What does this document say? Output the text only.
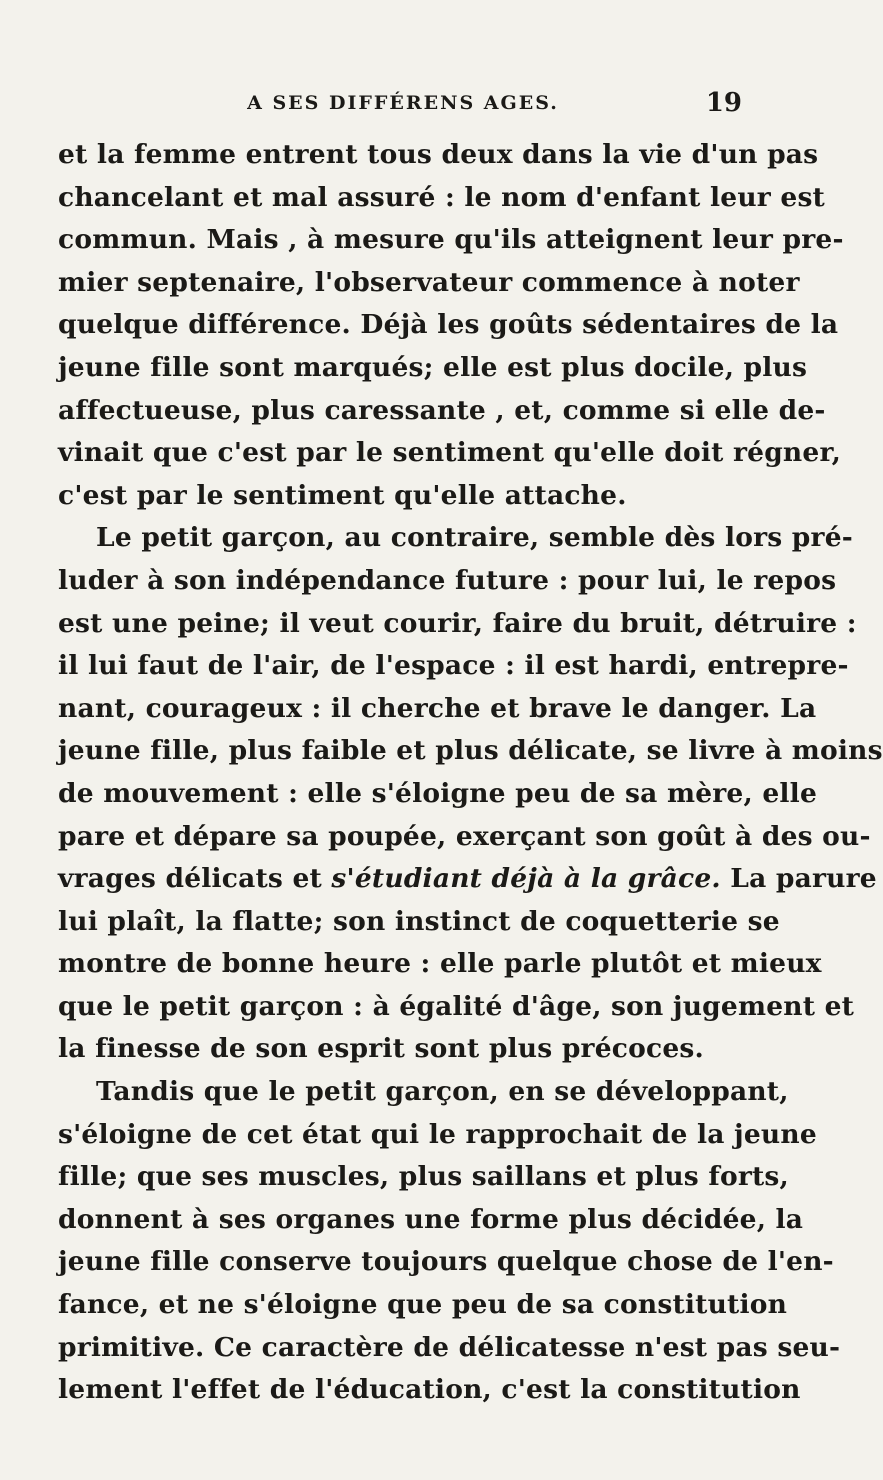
A SES DIFFÉRENS AGES.	19
et la femme entrent tous deux dans la vie d'un pas
chancelant et mal assuré : le nom d'enfant leur est
commun. Mais , à mesure qu'ils atteignent leur pre-
mier septenaire, l'observateur commence à noter
quelque différence. Déjà les goûts sédentaires de la
jeune fille sont marqués; elle est plus docile, plus
affectueuse, plus caressante , et, comme si elle de-
vinait que c'est par le sentiment qu'elle doit régner,
c'est par le sentiment qu'elle attache.
Le petit garçon, au contraire, semble dès lors pré-
luder à son indépendance future : pour lui, le repos
est une peine; il veut courir, faire du bruit, détruire :
il lui faut de l'air, de l'espace : il est hardi, entrepre-
nant, courageux : il cherche et brave le danger. La
jeune fille, plus faible et plus délicate, se livre à moins
de mouvement : elle s'éloigne peu de sa mère, elle
pare et dépare sa poupée, exerçant son goût à des ou-
vrages délicats et s'étudiant déjà à la grâce. La parure
lui plaît, la flatte; son instinct de coquetterie se
montre de bonne heure : elle parle plutôt et mieux
que le petit garçon : à égalité d'âge, son jugement et
la finesse de son esprit sont plus précoces.
Tandis que le petit garçon, en se développant,
s'éloigne de cet état qui le rapprochait de la jeune
fille; que ses muscles, plus saillans et plus forts,
donnent à ses organes une forme plus décidée, la
jeune fille conserve toujours quelque chose de l'en-
fance, et ne s'éloigne que peu de sa constitution
primitive. Ce caractère de délicatesse n'est pas seu-
lement l'effet de l'éducation, c'est la constitution
